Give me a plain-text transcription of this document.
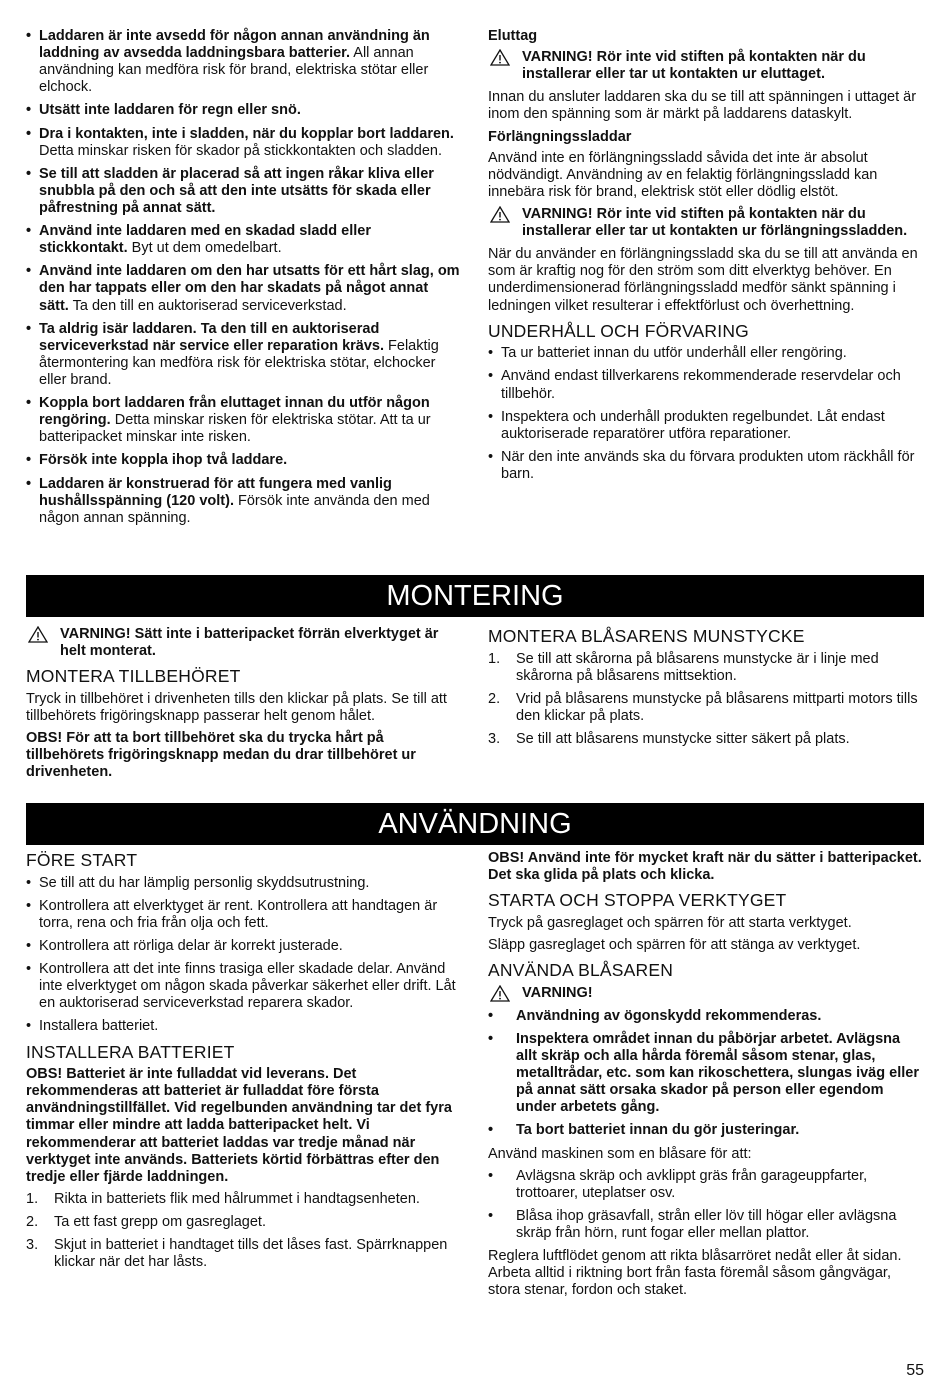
• Laddaren är inte avsedd för någon annan användning än laddning av avsedda laddningsbara batterier. All annan användning kan medföra risk för brand, elektriska stötar eller elchock.
• Utsätt inte laddaren för regn eller snö.
• Dra i kontakten, inte i sladden, när du kopplar bort laddaren. Detta minskar risken för skador på stickkontakten och sladden.
• Se till att sladden är placerad så att ingen råkar kliva eller snubbla på den och så att den inte utsätts för skada eller påfrestning på annat sätt.
• Använd inte laddaren med en skadad sladd eller stickkontakt. Byt ut dem omedelbart.
• Använd inte laddaren om den har utsatts för ett hårt slag, om den har tappats eller om den har skadats på något annat sätt. Ta den till en auktoriserad serviceverkstad.
• Ta aldrig isär laddaren. Ta den till en auktoriserad serviceverkstad när service eller reparation krävs. Felaktig återmontering kan medföra risk för elektriska stötar, elchocker eller brand.
• Koppla bort laddaren från eluttaget innan du utför någon rengöring. Detta minskar risken för elektriska stötar. Att ta ur batteripacket minskar inte risken.
• Försök inte koppla ihop två laddare.
• Laddaren är konstruerad för att fungera med vanlig hushållsspänning (120 volt). Försök inte använda den med någon annan spänning.
Eluttag
VARNING! Rör inte vid stiften på kontakten när du installerar eller tar ut kontakten ur eluttaget.

Innan du ansluter laddaren ska du se till att spänningen i uttaget är inom den spänning som är märkt på laddarens dataskylt.

Förlängningssladdar

Använd inte en förlängningssladd såvida det inte är absolut nödvändigt. Användning av en felaktig förlängningssladd kan innebära risk för brand, elektrisk stöt eller dödlig elstöt.

VARNING! Rör inte vid stiften på kontakten när du installerar eller tar ut kontakten ur förlängningssladden.

När du använder en förlängningssladd ska du se till att använda en som är kraftig nog för den ström som ditt elverktyg behöver. En underdimensionerad förlängningssladd medför sänkt spänning i ledningen vilket resulterar i effektförlust och överhettning.

UNDERHÅLL OCH FÖRVARING
• Ta ur batteriet innan du utför underhåll eller rengöring.
• Använd endast tillverkarens rekommenderade reservdelar och tillbehör.
• Inspektera och underhåll produkten regelbundet. Låt endast auktoriserade reparatörer utföra reparationer.
• När den inte används ska du förvara produkten utom räckhåll för barn.
MONTERING
VARNING! Sätt inte i batteripacket förrän elverktyget är helt monterat.
MONTERA TILLBEHÖRET

Tryck in tillbehöret i drivenheten tills den klickar på plats. Se till att tillbehörets frigöringsknapp passerar helt genom hålet.

OBS! För att ta bort tillbehöret ska du trycka hårt på tillbehörets frigöringsknapp medan du drar tillbehöret ur drivenheten.

MONTERA BLÅSARENS MUNSTYCKE
1. Se till att skårorna på blåsarens munstycke är i linje med skårorna på blåsarens mittsektion.
2. Vrid på blåsarens munstycke på blåsarens mittparti motors tills den klickar på plats.
3. Se till att blåsarens munstycke sitter säkert på plats.
ANVÄNDNING
FÖRE START
• Se till att du har lämplig personlig skyddsutrustning.
• Kontrollera att elverktyget är rent. Kontrollera att handtagen är torra, rena och fria från olja och fett.
• Kontrollera att rörliga delar är korrekt justerade.
• Kontrollera att det inte finns trasiga eller skadade delar. Använd inte elverktyget om någon skada påverkar säkerhet eller drift. Låt en auktoriserad serviceverkstad reparera skador.
• Installera batteriet.
INSTALLERA BATTERIET

OBS! Batteriet är inte fulladdat vid leverans. Det rekommenderas att batteriet är fulladdat före första användningstillfället. Vid regelbunden användning tar det fyra timmar eller mindre att ladda batteripacket helt. Vi rekommenderar att batteriet laddas var tredje månad när verktyget inte används. Batteriets körtid förbättras efter den tredje eller fjärde laddningen.

1. Rikta in batteriets flik med hålrummet i handtagsenheten.
2. Ta ett fast grepp om gasreglaget.
3. Skjut in batteriet i handtaget tills det låses fast. Spärrknappen klickar när det har låsts.

OBS! Använd inte för mycket kraft när du sätter i batteripacket. Det ska glida på plats och klicka.

STARTA OCH STOPPA VERKTYGET

Tryck på gasreglaget och spärren för att starta verktyget.

Släpp gasreglaget och spärren för att stänga av verktyget.

ANVÄNDA BLÅSAREN
VARNING!
• Användning av ögonskydd rekommenderas.
• Inspektera området innan du påbörjar arbetet. Avlägsna allt skräp och alla hårda föremål såsom stenar, glas, metalltrådar, etc. som kan rikoschettera, slungas iväg eller på annat sätt orsaka skador på person eller egendom under arbetets gång.
• Ta bort batteriet innan du gör justeringar.

Använd maskinen som en blåsare för att:

• Avlägsna skräp och avklippt gräs från garageuppfarter, trottoarer, uteplatser osv.
• Blåsa ihop gräsavfall, strån eller löv till högar eller avlägsna skräp från hörn, runt fogar eller mellan plattor.

Reglera luftflödet genom att rikta blåsarröret nedåt eller åt sidan. Arbeta alltid i riktning bort från fasta föremål såsom gångvägar, stora stenar, fordon och staket.

55
